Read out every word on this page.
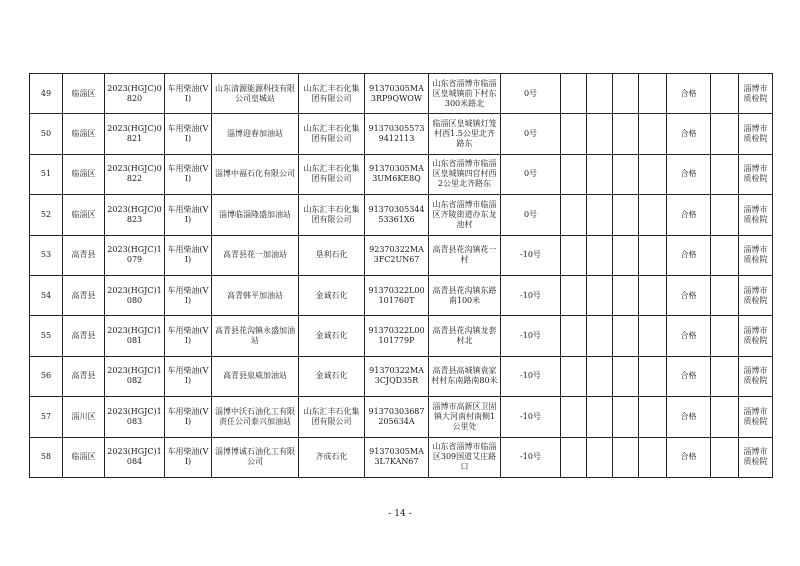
49	临淄区	2023(HGJC)0820	车用柴油(VI)	山东清源能源科技有限公司皇城站	山东汇丰石化集团有限公司	91370305MA3RP9QWOW	山东省淄博市临淄区皇城镇前下村东300米路北	0号					合格		淄博市质检院
50	临淄区	2023(HGJC)0821	车用柴油(VI)	淄博迎春加油站	山东汇丰石化集团有限公司	913703055739412113	临淄区皇城镇灯笼村西1.5公里北齐路东	0号					合格		淄博市质检院
51	临淄区	2023(HGJC)0822	车用柴油(VI)	淄博中福石化有限公司	山东汇丰石化集团有限公司	91370305MA3UM6KE8Q	山东省淄博市临淄区皇城镇四官村西2公里北齐路东	0号					合格		淄博市质检院
52	临淄区	2023(HGJC)0823	车用柴油(VI)	淄博临淄隆盛加油站	山东汇丰石化集团有限公司	9137030534453361X6	山东省淄博市临淄区齐陵街道办东龙池村	0号					合格		淄博市质检院
53	高青县	2023(HGJC)1079	车用柴油(VI)	高青县花一加油站	垦利石化	92370322MA3FC2UN67	高青县花沟镇花一村	-10号					合格		淄博市质检院
54	高青县	2023(HGJC)1080	车用柴油(VI)	高青韩平加油站	金诚石化	91370322L00101760T	高青县花沟镇东路南100米	-10号					合格		淄博市质检院
55	高青县	2023(HGJC)1081	车用柴油(VI)	高青县花沟镇永盛加油站	金诚石化	91370322L00101779P	高青县花沟镇龙套村北	-10号					合格		淄博市质检院
56	高青县	2023(HGJC)1082	车用柴油(VI)	高青县泉威加油站	金诚石化	91370322MA3CJQD35R	高青县高城镇袁家村村东南路南80米	-10号					合格		淄博市质检院
57	淄川区	2023(HGJC)1083	车用柴油(VI)	淄博中沃石油化工有限责任公司泰兴加油站	山东汇丰石化集团有限公司	91370303687205634A	淄博市高新区卫固镇大河南村南侧1公里处	-10号					合格		淄博市质检院
58	临淄区	2023(HGJC)1084	车用柴油(VI)	淄博博诚石油化工有限公司	齐成石化	91370305MA3L7KAN67	山东省淄博市临淄区309国道艾庄路口	-10号					合格		淄博市质检院
- 14 -
